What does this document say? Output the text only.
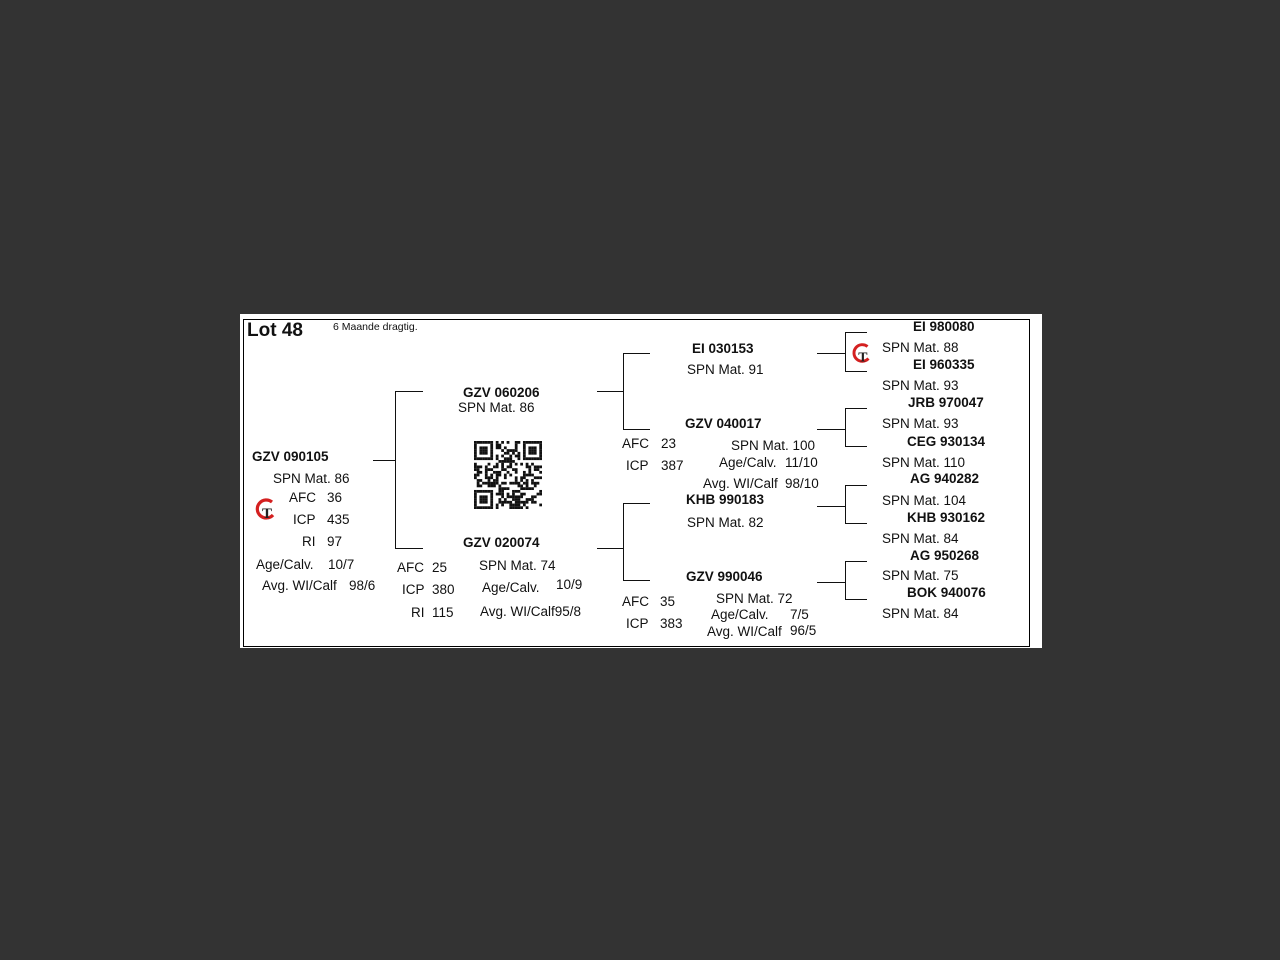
Lot 48	6 Maande dragtig.
GZV 090105
SPN Mat. 86
T
AFC 36
ICP 435
RI 97
Age/Calv. 10/7
Avg. WI/Calf 98/6
GZV 060206
SPN Mat. 86
GZV 020074
SPN Mat. 74
AFC 25
ICP 380 Age/Calv. 10/9
RI 115 Avg. WI/Calf95/8
EI 030153
SPN Mat. 91
GZV 040017
AFC 23
ICP 387
SPN Mat. 100
Age/Calv. 11/10
Avg. WI/Calf 98/10
KHB 990183
SPN Mat. 82
GZV 990046
AFC 35
ICP 383
SPN Mat. 72
Age/Calv. 7/5
Avg. WI/Calf 96/5
T
EI 980080
SPN Mat. 88
EI 960335
SPN Mat. 93
JRB 970047
SPN Mat. 93
CEG 930134
SPN Mat. 110
AG 940282
SPN Mat. 104
KHB 930162
SPN Mat. 84
AG 950268
SPN Mat. 75
BOK 940076
SPN Mat. 84
